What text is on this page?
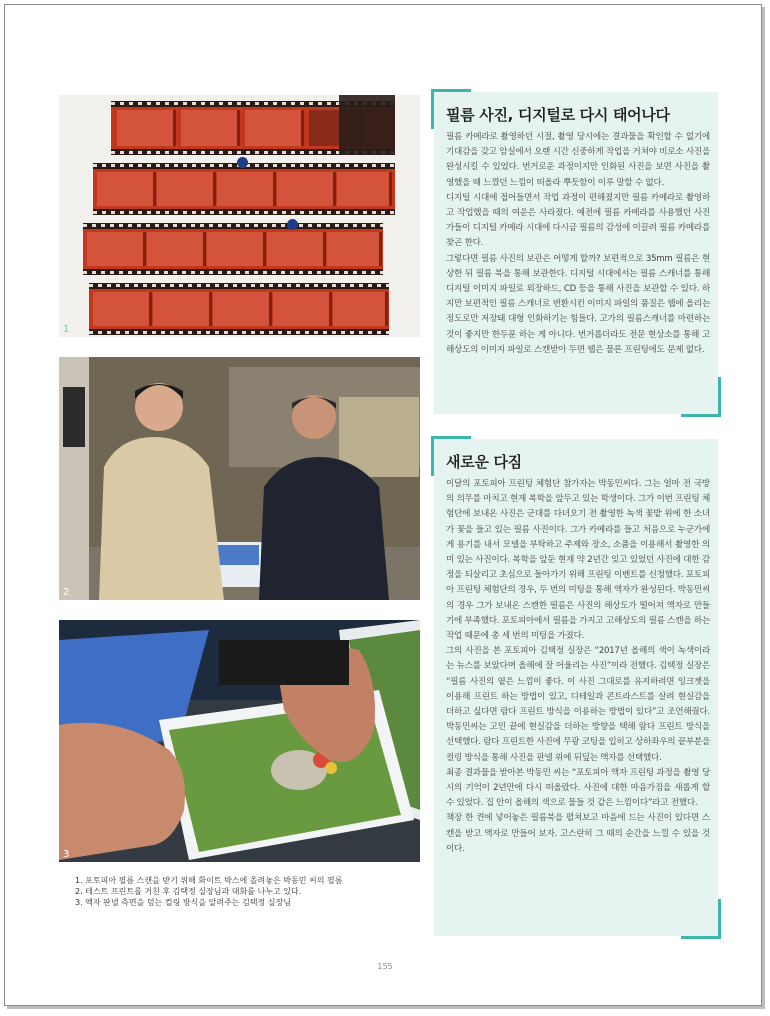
1
2
3
1. 포토피아 필름 스캔을 받기 위해 화이트 박스에 올려놓은 박동민 씨의 필름
2. 테스트 프린트를 거친 후 김택정 실장님과 대화를 나누고 있다.
3. 액자 판넬 측면을 덮는 컬링 방식을 알려주는 김택정 실장님
필름 사진, 디지털로 다시 태어나다

필름 카메라로 촬영하던 시절, 촬영 당시에는 결과물을 확인할 수 없기에 기대감을 갖고 암실에서 오랜 시간 신중하게 작업을 거쳐야 비로소 사진을 완성시킬 수 있었다. 번거로운 과정이지만 인화된 사진을 보면 사진을 촬영했을 때 느꼈던 느낌이 떠올라 뿌듯함이 이루 말할 수 없다.

디지털 시대에 접어들면서 작업 과정이 편해졌지만 필름 카메라로 촬영하고 작업했을 때의 여운은 사라졌다. 예전에 필름 카메라를 사용했던 사진가들이 디지털 카메라 시대에 다시금 필름의 감성에 이끌려 필름 카메라를 찾곤 한다.

그렇다면 필름 사진의 보관은 어떻게 할까? 보편적으로 35mm 필름은 현상한 뒤 필름 북을 통해 보관한다. 디지털 시대에서는 필름 스캐너를 통해 디지털 이미지 파일로 외장하드, CD 등을 통해 사진을 보관할 수 있다. 하지만 보편적인 필름 스캐너로 변환시킨 이미지 파일의 품질은 웹에 올리는 정도로만 저장돼 대형 인화하기는 힘들다. 고가의 필름스캐너를 마련하는 것이 좋지만 한두푼 하는 게 아니다. 번거롭더라도 전문 현상소를 통해 고해상도의 이미지 파일로 스캔받아 두면 웹은 물론 프린팅에도 문제 없다.

새로운 다짐

이달의 포토피아 프린팅 체험단 참가자는 박동민씨다. 그는 얼마 전 국방의 의무를 마치고 현재 복학을 앞두고 있는 학생이다. 그가 이번 프린팅 체험단에 보내온 사진은 군대를 다녀오기 전 촬영한 녹색 꽃밭 위에 한 소녀가 꽃을 들고 있는 필름 사진이다. 그가 카메라를 들고 처음으로 누군가에게 용기를 내서 모델을 부탁하고 주제와 장소, 소품을 이용해서 촬영한 의미 있는 사진이다. 복학을 앞둔 현재 약 2년간 잊고 있었던 사진에 대한 감정을 되살리고 초심으로 돌아가기 위해 프린팅 이벤트를 신청했다. 포토피아 프린팅 체험단의 경우, 두 번의 미팅을 통해 액자가 완성된다. 박동민씨의 경우 그가 보내온 스캔한 필름은 사진의 해상도가 떨어져 액자로 만들기에 부족했다. 포토피아에서 필름을 가지고 고해상도의 필름 스캔을 하는 작업 때문에 총 세 번의 미팅을 가졌다.

그의 사진을 본 포토피아 김택정 실장은 “2017년 올해의 색이 녹색이라는 뉴스를 보았다며 올해에 잘 어울리는 사진”이라 전했다. 김택정 실장은 “필름 사진의 옅은 느낌이 좋다. 이 사진 그대로를 유지하려면 잉크젯을 이용해 프린트 하는 방법이 있고, 디테일과 콘트라스트를 살려 현실감을 더하고 싶다면 람다 프린트 방식을 이용하는 방법이 있다”고 조언해줬다. 박동민씨는 고민 끝에 현실감을 더하는 방향을 택해 람다 프린트 방식을 선택했다. 람다 프린트한 사진에 무광 코팅을 입히고 상하좌우의 끝부분을 컬링 방식을 통해 사진을 판넬 위에 뒤덮는 액자를 선택했다.

최종 결과물을 받아본 박동민 씨는 “포토피아 액자 프린팅 과정을 촬영 당시의 기억이 2년만에 다시 떠올랐다. 사진에 대한 마음가짐을 새롭게 할 수 있었다. 집 안이 올해의 색으로 물들 것 같은 느낌이다”라고 전했다.

책장 한 켠에 넣어놓은 필름북을 펼쳐보고 마음에 드는 사진이 있다면 스캔을 받고 액자로 만들어 보자. 고스란히 그 때의 순간을 느낄 수 있을 것이다.

155
